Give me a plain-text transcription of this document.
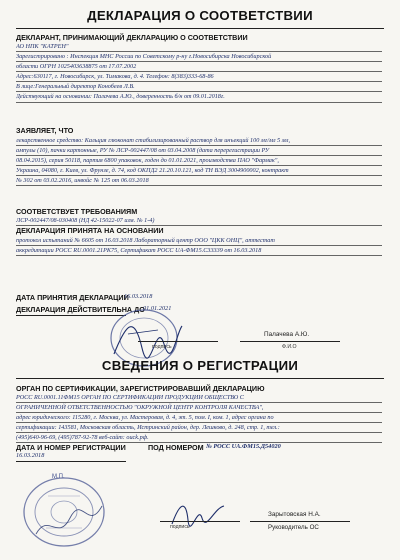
ДЕКЛАРАЦИЯ О СООТВЕТСТВИИ
ДЕКЛАРАНТ, ПРИНИМАЮЩИЙ ДЕКЛАРАЦИЮ О СООТВЕТСТВИИ
АО НПК "КАТРЕН"
Зарегистрировано : Инспекция МНС России по Советскому р-ну г.Новосибирска Новосибирской
области ОГРН 1025403638875 от 17.07.2002
Адрес:630117, г. Новосибирск, ул. Тимакова, д. 4. Телефон: 8(383)333-68-86
В лице:Генеральный директор Конобеев Л.В.
Действующий на основании: Палачева А.Ю., доверенность б/н от 09.01.2018г.
ЗАЯВЛЯЕТ, ЧТО
лекарственное средство: Кальция глюконат стабилизированный раствор для инъекций 100 мг/мл 5 мл,
ампулы (10), пачки картонные, РУ № ЛСР-002447/08 от 03.04.2008 (дата перерегистрации РУ
08.04.2015), серия 50118, партия 6800 упаковок, годен до 01.01.2021, производства ПАО "Фармак",
Украина, 04080, г. Киев, ул. Фрунзе, д. 74, код ОКПД2 21.20.10.121, код ТН ВЭД 3004900002, контракт
№ 302 от 03.02.2016, инвойс № 125 от 06.03.2018
СООТВЕТСТВУЕТ ТРЕБОВАНИЯМ
ЛСР-002447/08-030408 (НД 42-15022-07 изм. № 1-4)
ДЕКЛАРАЦИЯ ПРИНЯТА НА ОСНОВАНИИ
протокол испытаний № 6605 от 16.03.2018 Лабораторный центр ООО "ЦКК ОНЦ", аттестат
аккредитации РОСС RU.0001.21PK75, Сертификат РОСС UA-ФМ15.С33339 от 16.03.2018
ДАТА ПРИНЯТИЯ ДЕКЛАРАЦИИ
16.03.2018
ДЕКЛАРАЦИЯ ДЕЙСТВИТЕЛЬНА ДО
01.01.2021
подпись
Палачева А.Ю.
Ф.И.О
СВЕДЕНИЯ О РЕГИСТРАЦИИ
ОРГАН ПО СЕРТИФИКАЦИИ, ЗАРЕГИСТРИРОВАВШИЙ ДЕКЛАРАЦИЮ
РОСС RU.0001.11ФМ15 ОРГАН ПО СЕРТИФИКАЦИИ ПРОДУКЦИИ ОБЩЕСТВО С
ОГРАНИЧЕННОЙ ОТВЕТСТВЕННОСТЬЮ "ОКРУЖНОЙ ЦЕНТР КОНТРОЛЯ КАЧЕСТВА",
адрес юридического: 115280, г. Москва, ул. Мастеровая, д. 4, эт. 5, пом. I, ком. 1, адрес органа по
сертификации: 143581, Московская область, Истринский район, дер. Лешково, д. 248, стр. 1, тел.:
(495)640-96-69, (495)787-92-78 веб-сайт: ouck.рф.
ДАТА И НОМЕР РЕГИСТРАЦИИ	ПОД НОМЕРОМ № РОСС UA.ФМ15.Д54020
16.03.2018
М.П.
подпись
Зарытовская Н.А.
Руководитель ОС
